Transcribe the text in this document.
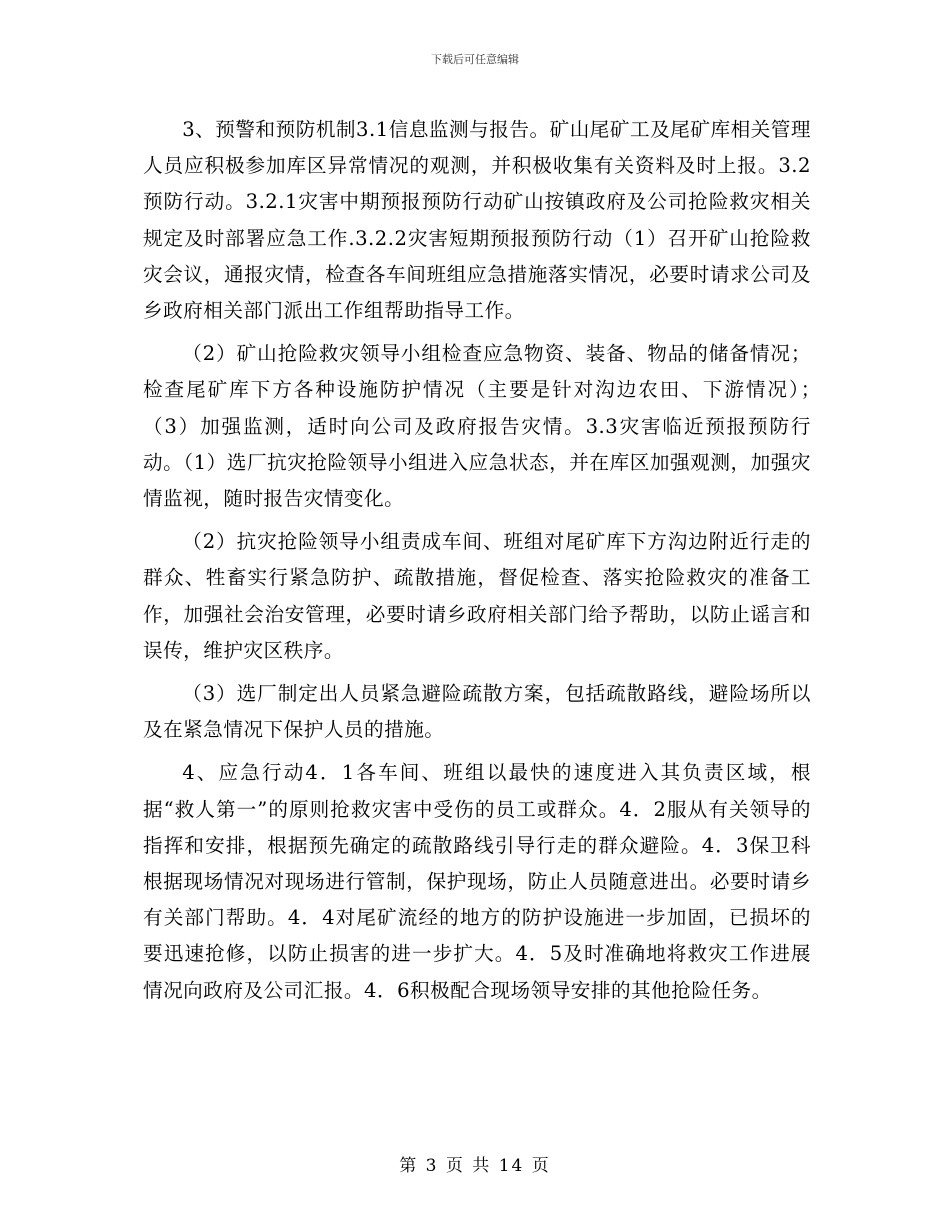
下载后可任意编辑

3、预警和预防机制3.1信息监测与报告。矿山尾矿工及尾矿库相关管理人员应积极参加库区异常情况的观测，并积极收集有关资料及时上报。3.2预防行动。3.2.1灾害中期预报预防行动矿山按镇政府及公司抢险救灾相关规定及时部署应急工作.3.2.2灾害短期预报预防行动（1）召开矿山抢险救灾会议，通报灾情，检查各车间班组应急措施落实情况，必要时请求公司及乡政府相关部门派出工作组帮助指导工作。

（2）矿山抢险救灾领导小组检查应急物资、装备、物品的储备情况；检查尾矿库下方各种设施防护情况（主要是针对沟边农田、下游情况）；　（3）加强监测，适时向公司及政府报告灾情。3.3灾害临近预报预防行动。（1）选厂抗灾抢险领导小组进入应急状态，并在库区加强观测，加强灾情监视，随时报告灾情变化。

（2）抗灾抢险领导小组责成车间、班组对尾矿库下方沟边附近行走的群众、牲畜实行紧急防护、疏散措施，督促检查、落实抢险救灾的准备工作，加强社会治安管理，必要时请乡政府相关部门给予帮助，以防止谣言和误传，维护灾区秩序。

（3）选厂制定出人员紧急避险疏散方案，包括疏散路线，避险场所以及在紧急情况下保护人员的措施。

4、应急行动4．1各车间、班组以最快的速度进入其负责区域，根据“救人第一”的原则抢救灾害中受伤的员工或群众。4．2服从有关领导的指挥和安排，根据预先确定的疏散路线引导行走的群众避险。4．3保卫科根据现场情况对现场进行管制，保护现场，防止人员随意进出。必要时请乡有关部门帮助。4．4对尾矿流经的地方的防护设施进一步加固，已损坏的要迅速抢修，以防止损害的进一步扩大。4．5及时准确地将救灾工作进展情况向政府及公司汇报。4．6积极配合现场领导安排的其他抢险任务。

第 3 页 共 14 页
